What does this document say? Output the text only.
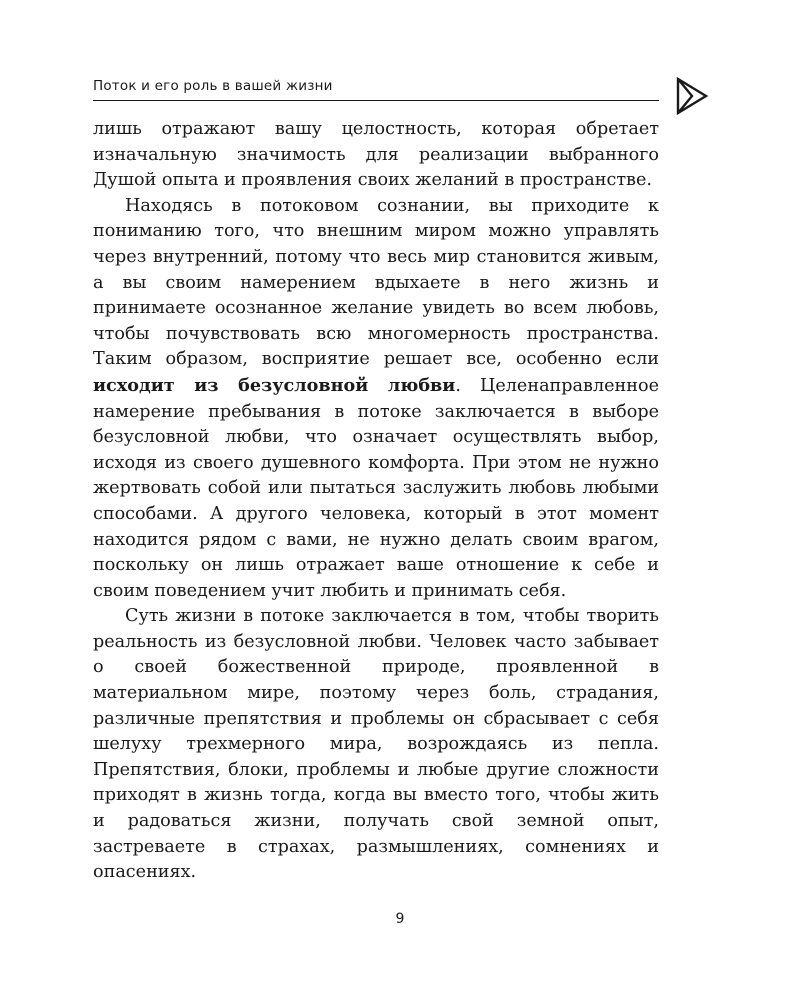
Поток и его роль в вашей жизни

лишь отражают вашу целостность, которая обретает изначальную значимость для реализации выбранного Душой опыта и проявления своих желаний в пространстве.

Находясь в потоковом сознании, вы приходите к пониманию того, что внешним миром можно управлять через внутренний, потому что весь мир становится живым, а вы своим намерением вдыхаете в него жизнь и принимаете осознанное желание увидеть во всем любовь, чтобы почувствовать всю многомерность пространства. Таким образом, восприятие решает все, особенно если исходит из безусловной любви. Целенаправленное намерение пребывания в потоке заключается в выборе безусловной любви, что означает осуществлять выбор, исходя из своего душевного комфорта. При этом не нужно жертвовать собой или пытаться заслужить любовь любыми способами. А другого человека, который в этот момент находится рядом с вами, не нужно делать своим врагом, поскольку он лишь отражает ваше отношение к себе и своим поведением учит любить и принимать себя.

Суть жизни в потоке заключается в том, чтобы творить реальность из безусловной любви. Человек часто забывает о своей божественной природе, проявленной в материальном мире, поэтому через боль, страдания, различные препятствия и проблемы он сбрасывает с себя шелуху трехмерного мира, возрождаясь из пепла. Препятствия, блоки, проблемы и любые другие сложности приходят в жизнь тогда, когда вы вместо того, чтобы жить и радоваться жизни, получать свой земной опыт, застреваете в страхах, размышлениях, сомнениях и опасениях.

9
